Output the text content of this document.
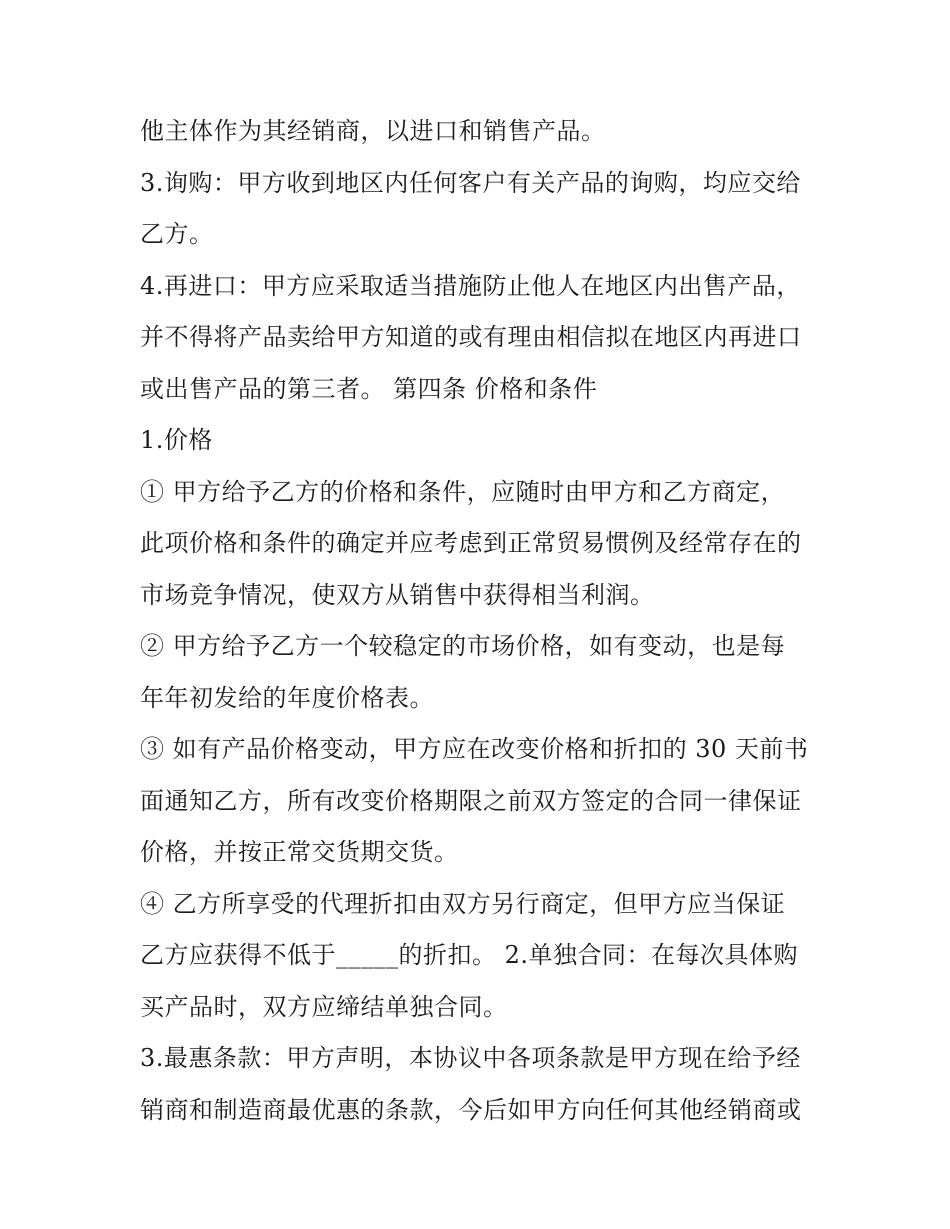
他主体作为其经销商，以进口和销售产品。
3.询购：甲方收到地区内任何客户有关产品的询购，均应交给
乙方。
4.再进口：甲方应采取适当措施防止他人在地区内出售产品，
并不得将产品卖给甲方知道的或有理由相信拟在地区内再进口
或出售产品的第三者。 第四条 价格和条件
1.价格
① 甲方给予乙方的价格和条件，应随时由甲方和乙方商定，
此项价格和条件的确定并应考虑到正常贸易惯例及经常存在的
市场竞争情况，使双方从销售中获得相当利润。
② 甲方给予乙方一个较稳定的市场价格，如有变动，也是每
年年初发给的年度价格表。
③ 如有产品价格变动，甲方应在改变价格和折扣的 30 天前书
面通知乙方，所有改变价格期限之前双方签定的合同一律保证
价格，并按正常交货期交货。
④ 乙方所享受的代理折扣由双方另行商定，但甲方应当保证
乙方应获得不低于_____的折扣。 2.单独合同：在每次具体购
买产品时，双方应缔结单独合同。
3.最惠条款：甲方声明，本协议中各项条款是甲方现在给予经
销商和制造商最优惠的条款，今后如甲方向任何其他经销商或
